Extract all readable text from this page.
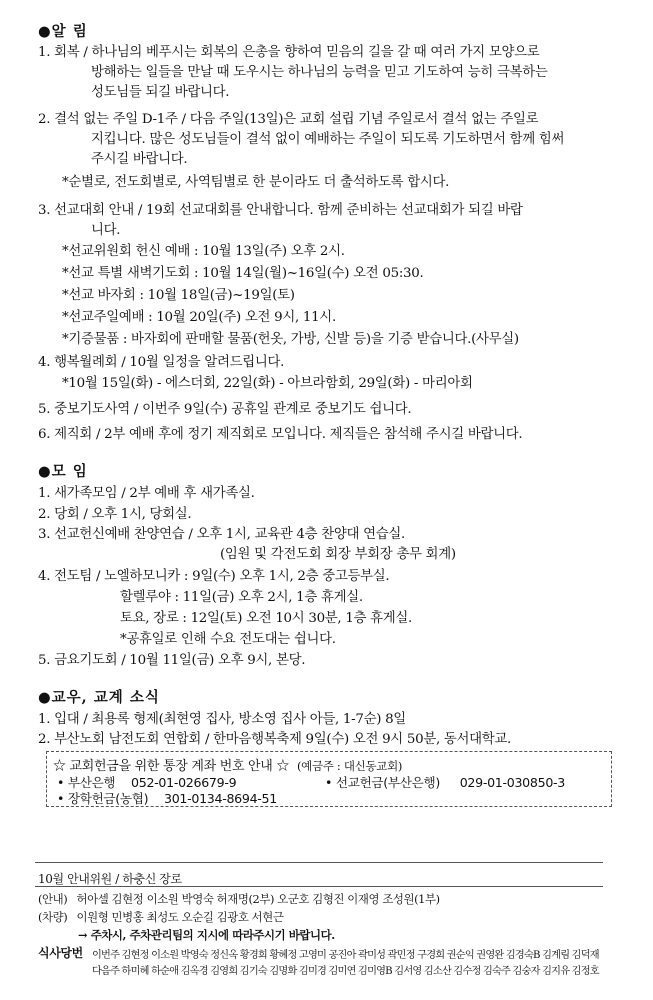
●알 림
1. 회복 / 하나님의 베푸시는 회복의 은총을 향하여 믿음의 길을 갈 때 여러 가지 모양으로
방해하는 일들을 만날 때 도우시는 하나님의 능력을 믿고 기도하여 능히 극복하는
성도님들 되길 바랍니다.
2. 결석 없는 주일 D-1주 / 다음 주일(13일)은 교회 설립 기념 주일로서 결석 없는 주일로
지킵니다. 많은 성도님들이 결석 없이 예배하는 주일이 되도록 기도하면서 함께 힘써
주시길 바랍니다.
*순별로, 전도회별로, 사역팀별로 한 분이라도 더 출석하도록 합시다.
3. 선교대회 안내 / 19회 선교대회를 안내합니다. 함께 준비하는 선교대회가 되길 바랍
니다.
*선교위원회 헌신 예배 : 10월 13일(주) 오후 2시.
*선교 특별 새벽기도회 : 10월 14일(월)~16일(수) 오전 05:30.
*선교 바자회 : 10월 18일(금)~19일(토)
*선교주일예배 : 10월 20일(주) 오전 9시, 11시.
*기증물품 : 바자회에 판매할 물품(헌옷, 가방, 신발 등)을 기증 받습니다.(사무실)
4. 행복월례회 / 10월 일정을 알려드립니다.
*10월 15일(화) - 에스더회, 22일(화) - 아브라함회, 29일(화) - 마리아회
5. 중보기도사역 / 이번주 9일(수) 공휴일 관계로 중보기도 쉽니다.
6. 제직회 / 2부 예배 후에 정기 제직회로 모입니다. 제직들은 참석해 주시길 바랍니다.
●모 임
1. 새가족모임 / 2부 예배 후 새가족실.
2. 당회 / 오후 1시, 당회실.
3. 선교헌신예배 찬양연습 / 오후 1시, 교육관 4층 찬양대 연습실.
(임원 및 각전도회 회장 부회장 총무 회계)
4. 전도팀 / 노엘하모니카 : 9일(수) 오후 1시, 2층 중고등부실.
할렐루야 : 11일(금) 오후 2시, 1층 휴게실.
토요, 장로 : 12일(토) 오전 10시 30분, 1층 휴게실.
*공휴일로 인해 수요 전도대는 쉽니다.
5. 금요기도회 / 10월 11일(금) 오후 9시, 본당.
●교우, 교계 소식
1. 입대 / 최용록 형제(최현영 집사, 방소영 집사 아들, 1-7순) 8일
2. 부산노회 남전도회 연합회 / 한마음행복축제 9일(수) 오전 9시 50분, 동서대학교.
☆ 교회헌금을 위한 통장 계좌 번호 안내 ☆ (예금주 : 대신동교회)
• 부산은행 052-01-026679-9	• 선교헌금(부산은행) 029-01-030850-3
• 장학헌금(농협) 301-0134-8694-51
10월 안내위원 / 하충신 장로
(안내) 허아셀 김현정 이소원 박영숙 허재명(2부) 오군호 김형진 이재영 조성원(1부)
(차량) 이원형 민병홍 최성도 오순길 김광호 서현근
→ 주차시, 주차관리팀의 지시에 따라주시기 바랍니다.
식사당번 이번주 김현정 이소원 박영숙 정신옥 황경희 황혜정 고영미 공진아 곽미성 곽민정 구경희 권순익 권영완 김경숙B 김계림 김덕재
다음주 하미혜 하순애 김옥경 김영희 김기숙 김명화 김미경 김미연 김미영B 김서영 김소산 김수정 김숙주 김숭자 김지유 김정호
